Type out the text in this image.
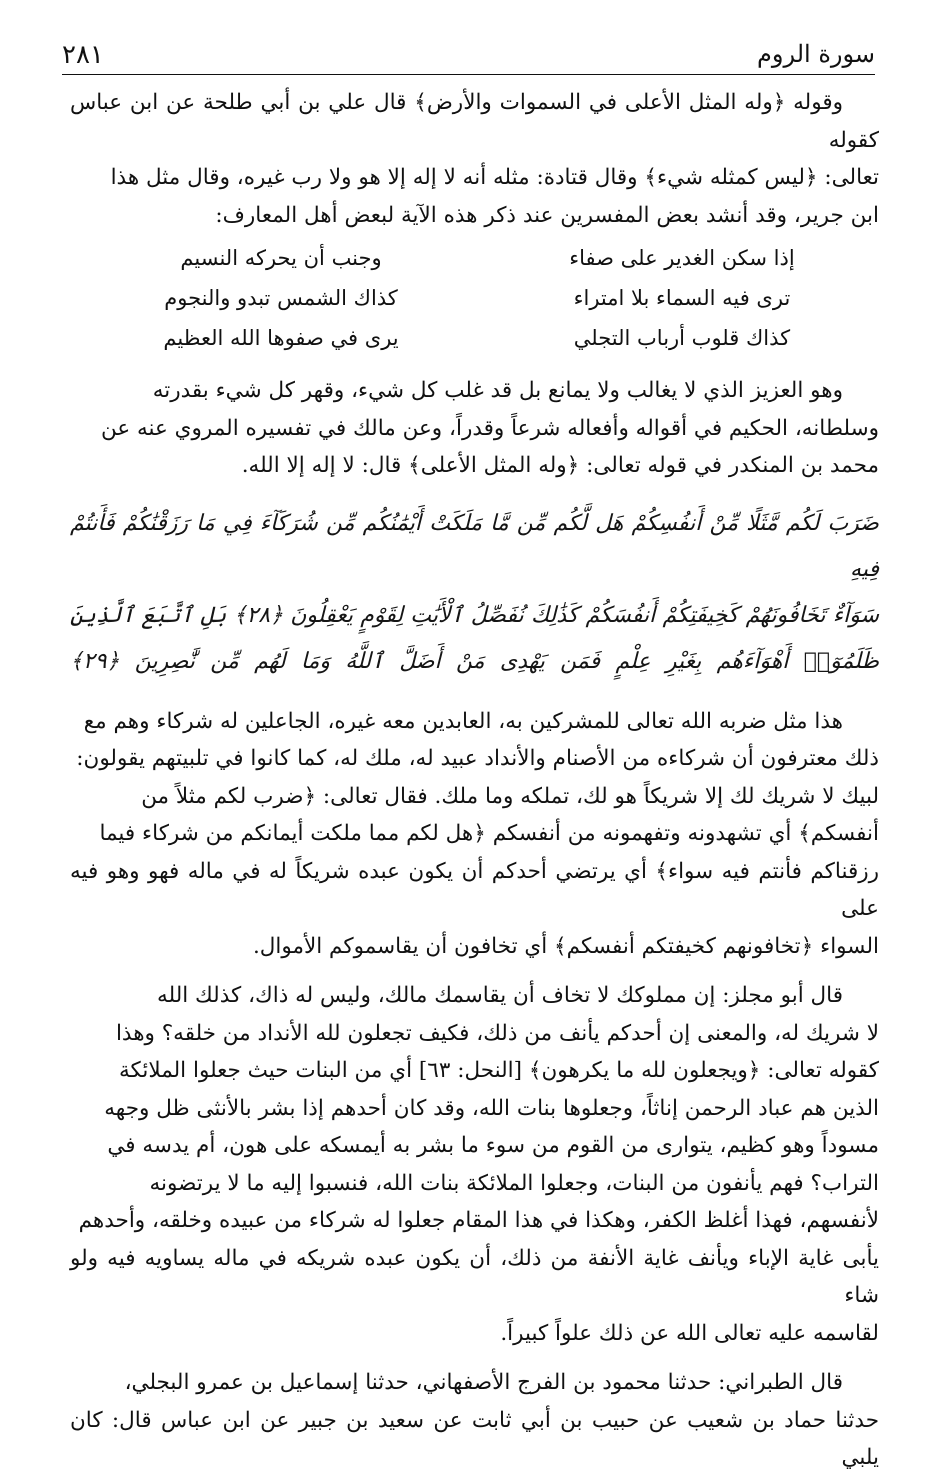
سورة الروم
٢٨١

وقوله ﴿وله المثل الأعلى في السموات والأرض﴾ قال علي بن أبي طلحة عن ابن عباس كقوله

تعالى: ﴿ليس كمثله شيء﴾ وقال قتادة: مثله أنه لا إله إلا هو ولا رب غيره، وقال مثل هذا

ابن جرير، وقد أنشد بعض المفسرين عند ذكر هذه الآية لبعض أهل المعارف:

إذا سكن الغدير على صفاء
وجنب أن يحركه النسيم
ترى فيه السماء بلا امتراء
كذاك الشمس تبدو والنجوم
كذاك قلوب أرباب التجلي
يرى في صفوها الله العظيم

وهو العزيز الذي لا يغالب ولا يمانع بل قد غلب كل شيء، وقهر كل شيء بقدرته

وسلطانه، الحكيم في أقواله وأفعاله شرعاً وقدراً، وعن مالك في تفسيره المروي عنه عن

محمد بن المنكدر في قوله تعالى: ﴿وله المثل الأعلى﴾ قال: لا إله إلا الله.

ضَرَبَ لَكُم مَّثَلًا مِّنْ أَنفُسِكُمْ هَل لَّكُم مِّن مَّا مَلَكَتْ أَيْمَٰنُكُم مِّن شُرَكَآءَ فِي مَا رَزَقْنَٰكُمْ فَأَنتُمْ فِيهِ
سَوَآءٌ تَخَافُونَهُمْ كَخِيفَتِكُمْ أَنفُسَكُمْ كَذَٰلِكَ نُفَصِّلُ ٱلْأَيَٰتِ لِقَوْمٍ يَعْقِلُونَ ﴿٢٨﴾ بَلِ ٱتَّبَعَ ٱلَّذِينَ
ظَلَمُوٓا۟ أَهْوَآءَهُم بِغَيْرِ عِلْمٍ فَمَن يَهْدِى مَنْ أَضَلَّ ٱللَّهُ وَمَا لَهُم مِّن نَّٰصِرِينَ ﴿٢٩﴾

هذا مثل ضربه الله تعالى للمشركين به، العابدين معه غيره، الجاعلين له شركاء وهم مع

ذلك معترفون أن شركاءه من الأصنام والأنداد عبيد له، ملك له، كما كانوا في تلبيتهم يقولون:

لبيك لا شريك لك إلا شريكاً هو لك، تملكه وما ملك. فقال تعالى: ﴿ضرب لكم مثلاً من

أنفسكم﴾ أي تشهدونه وتفهمونه من أنفسكم ﴿هل لكم مما ملكت أيمانكم من شركاء فيما

رزقناكم فأنتم فيه سواء﴾ أي يرتضي أحدكم أن يكون عبده شريكاً له في ماله فهو وهو فيه على

السواء ﴿تخافونهم كخيفتكم أنفسكم﴾ أي تخافون أن يقاسموكم الأموال.

قال أبو مجلز: إن مملوكك لا تخاف أن يقاسمك مالك، وليس له ذاك، كذلك الله

لا شريك له، والمعنى إن أحدكم يأنف من ذلك، فكيف تجعلون لله الأنداد من خلقه؟ وهذا

كقوله تعالى: ﴿ويجعلون لله ما يكرهون﴾ [النحل: ٦٣] أي من البنات حيث جعلوا الملائكة

الذين هم عباد الرحمن إناثاً، وجعلوها بنات الله، وقد كان أحدهم إذا بشر بالأنثى ظل وجهه

مسوداً وهو كظيم، يتوارى من القوم من سوء ما بشر به أيمسكه على هون، أم يدسه في

التراب؟ فهم يأنفون من البنات، وجعلوا الملائكة بنات الله، فنسبوا إليه ما لا يرتضونه

لأنفسهم، فهذا أغلظ الكفر، وهكذا في هذا المقام جعلوا له شركاء من عبيده وخلقه، وأحدهم

يأبى غاية الإباء ويأنف غاية الأنفة من ذلك، أن يكون عبده شريكه في ماله يساويه فيه ولو شاء

لقاسمه عليه تعالى الله عن ذلك علواً كبيراً.

قال الطبراني: حدثنا محمود بن الفرج الأصفهاني، حدثنا إسماعيل بن عمرو البجلي،

حدثنا حماد بن شعيب عن حبيب بن أبي ثابت عن سعيد بن جبير عن ابن عباس قال: كان يلبي
